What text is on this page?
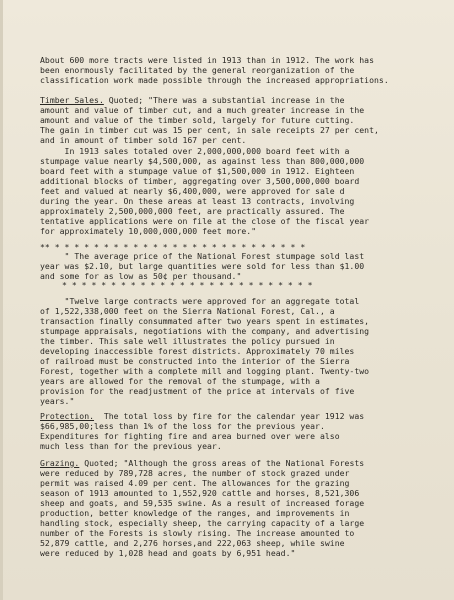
About 600 more tracts were listed in 1913 than in 1912. The work has

been enormously facilitated by the general reorganization of the

classification work made possible through the increased appropriations.

Timber Sales. Quoted; "There was a substantial increase in the

amount and value of timber cut, and a much greater increase in the

amount and value of the timber sold, largely for future cutting.

The gain in timber cut was 15 per cent, in sale receipts 27 per cent,

and in amount of timber sold 167 per cent.

In 1913 sales totaled over 2,000,000,000 board feet with a

stumpage value nearly $4,500,000, as against less than 800,000,000

board feet with a stumpage value of $1,500,000 in 1912. Eighteen

additional blocks of timber, aggregating over 3,500,000,000 board

feet and valued at nearly $6,400,000, were approved for sale d

during the year. On these areas at least 13 contracts, involving

approximately 2,500,000,000 feet, are practically assured. The

tentative applications were on file at the close of the fiscal year

for approximately 10,000,000,000 feet more."

** * * * * * * * * * * * * * * * * * * * * * * * * * *

" The average price of the National Forest stumpage sold last

year was $2.10, but large quantities were sold for less than $1.00

and some for as low as 50¢ per thousand."

* * * * * * * * * * * * * * * * * * * * * * * * * *

"Twelve large contracts were approved for an aggregate total

of 1,522,338,000 feet on the Sierra National Forest, Cal., a

transaction finally consummated after two years spent in estimates,

stumpage appraisals, negotiations with the company, and advertising

the timber. This sale well illustrates the policy pursued in

developing inaccessible forest districts. Approximately 70 miles

of railroad must be constructed into the interior of the Sierra

Forest, together with a complete mill and logging plant. Twenty-two

years are allowed for the removal of the stumpage, with a

provision for the readjustment of the price at intervals of five

years."

Protection.  The total loss by fire for the calendar year 1912 was

$66,985,00;less than 1% of the loss for the previous year.

Expenditures for fighting fire and area burned over were also

much less than for the previous year.

Grazing. Quoted; "Although the gross areas of the National Forests

were reduced by 789,728 acres, the number of stock grazed under

permit was raised 4.09 per cent. The allowances for the grazing

season of 1913 amounted to 1,552,920 cattle and horses, 8,521,306

sheep and goats, and 59,535 swine. As a result of increased forage

production, better knowledge of the ranges, and improvements in

handling stock, especially sheep, the carrying capacity of a large

number of the Forests is slowly rising. The increase amounted to

52,879 cattle, and 2,276 horses,and 222,063 sheep, while swine

were reduced by 1,028 head and goats by 6,951 head."
